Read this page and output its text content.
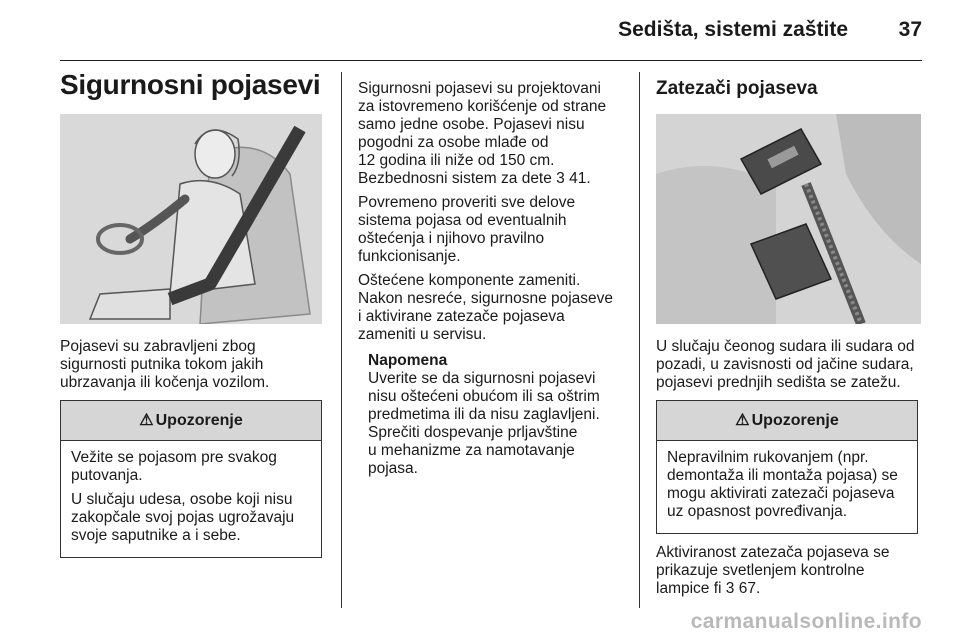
Sedišta, sistemi zaštite 37
Sigurnosni pojasevi

Pojasevi su zabravljeni zbog
sigurnosti putnika tokom jakih
ubrzavanja ili kočenja vozilom.

⚠ Upozorenje

Vežite se pojasom pre svakog
putovanja.

U slučaju udesa, osobe koji nisu
zakopčale svoj pojas ugrožavaju
svoje saputnike a i sebe.

Sigurnosni pojasevi su projektovani
za istovremeno korišćenje od strane
samo jedne osobe. Pojasevi nisu
pogodni za osobe mlađe od
12 godina ili niže od 150 cm.
Bezbednosni sistem za dete 3 41.

Povremeno proveriti sve delove
sistema pojasa od eventualnih
oštećenja i njihovo pravilno
funkcionisanje.

Oštećene komponente zameniti.
Nakon nesreće, sigurnosne pojaseve
i aktivirane zatezače pojaseva
zameniti u servisu.

Napomena
Uverite se da sigurnosni pojasevi
nisu oštećeni obućom ili sa oštrim
predmetima ili da nisu zaglavljeni.
Sprečiti dospevanje prljavštine
u mehanizme za namotavanje
pojasa.
Zatezači pojaseva

U slučaju čeonog sudara ili sudara od
pozadi, u zavisnosti od jačine sudara,
pojasevi prednjih sedišta se zatežu.

⚠ Upozorenje

Nepravilnim rukovanjem (npr.
demontaža ili montaža pojasa) se
mogu aktivirati zatezači pojaseva
uz opasnost povređivanja.

Aktiviranost zatezača pojaseva se
prikazuje svetlenjem kontrolne
lampice ﬁ 3 67.

carmanualsonline.info
